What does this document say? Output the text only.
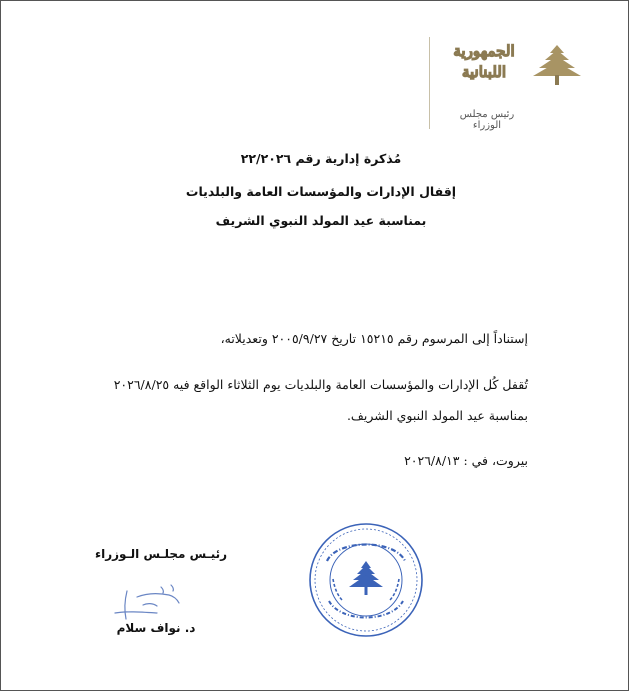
الجمهورية
اللبنانية
رئيس مجلس الوزراء
مُذكرة إدارية رقم ٢٢/٢٠٢٦
إقفال الإدارات والمؤسسات العامة والبلديات
بمناسبة عيد المولد النبوي الشريف
إستناداً إلى المرسوم رقم ١٥٢١٥ تاريخ ٢٠٠٥/٩/٢٧ وتعديلاته،
تُقفل كُل الإدارات والمؤسسات العامة والبلديات يوم الثلاثاء الواقع فيه ٢٠٢٦/٨/٢٥
بمناسبة عيد المولد النبوي الشريف.
بيروت، في : ٢٠٢٦/٨/١٣
رئيـس مجلـس الـوزراء
د. نواف سلام
